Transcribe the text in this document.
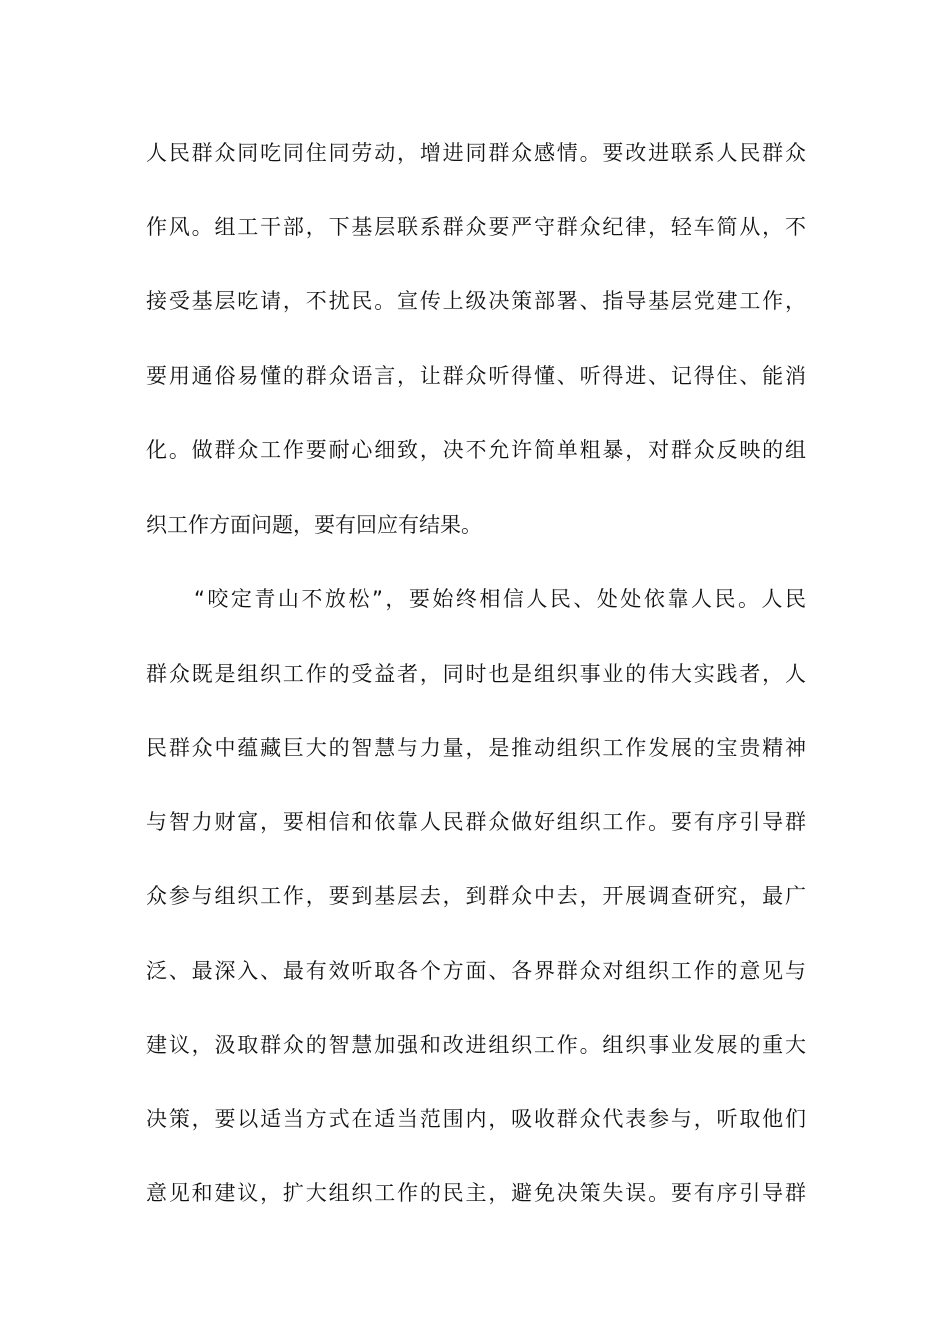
人民群众同吃同住同劳动，增进同群众感情。要改进联系人民群众
作风。组工干部，下基层联系群众要严守群众纪律，轻车简从，不
接受基层吃请，不扰民。宣传上级决策部署、指导基层党建工作，
要用通俗易懂的群众语言，让群众听得懂、听得进、记得住、能消
化。做群众工作要耐心细致，决不允许简单粗暴，对群众反映的组
织工作方面问题，要有回应有结果。
“咬定青山不放松”，要始终相信人民、处处依靠人民。人民
群众既是组织工作的受益者，同时也是组织事业的伟大实践者，人
民群众中蕴藏巨大的智慧与力量，是推动组织工作发展的宝贵精神
与智力财富，要相信和依靠人民群众做好组织工作。要有序引导群
众参与组织工作，要到基层去，到群众中去，开展调查研究，最广
泛、最深入、最有效听取各个方面、各界群众对组织工作的意见与
建议，汲取群众的智慧加强和改进组织工作。组织事业发展的重大
决策，要以适当方式在适当范围内，吸收群众代表参与，听取他们
意见和建议，扩大组织工作的民主，避免决策失误。要有序引导群
